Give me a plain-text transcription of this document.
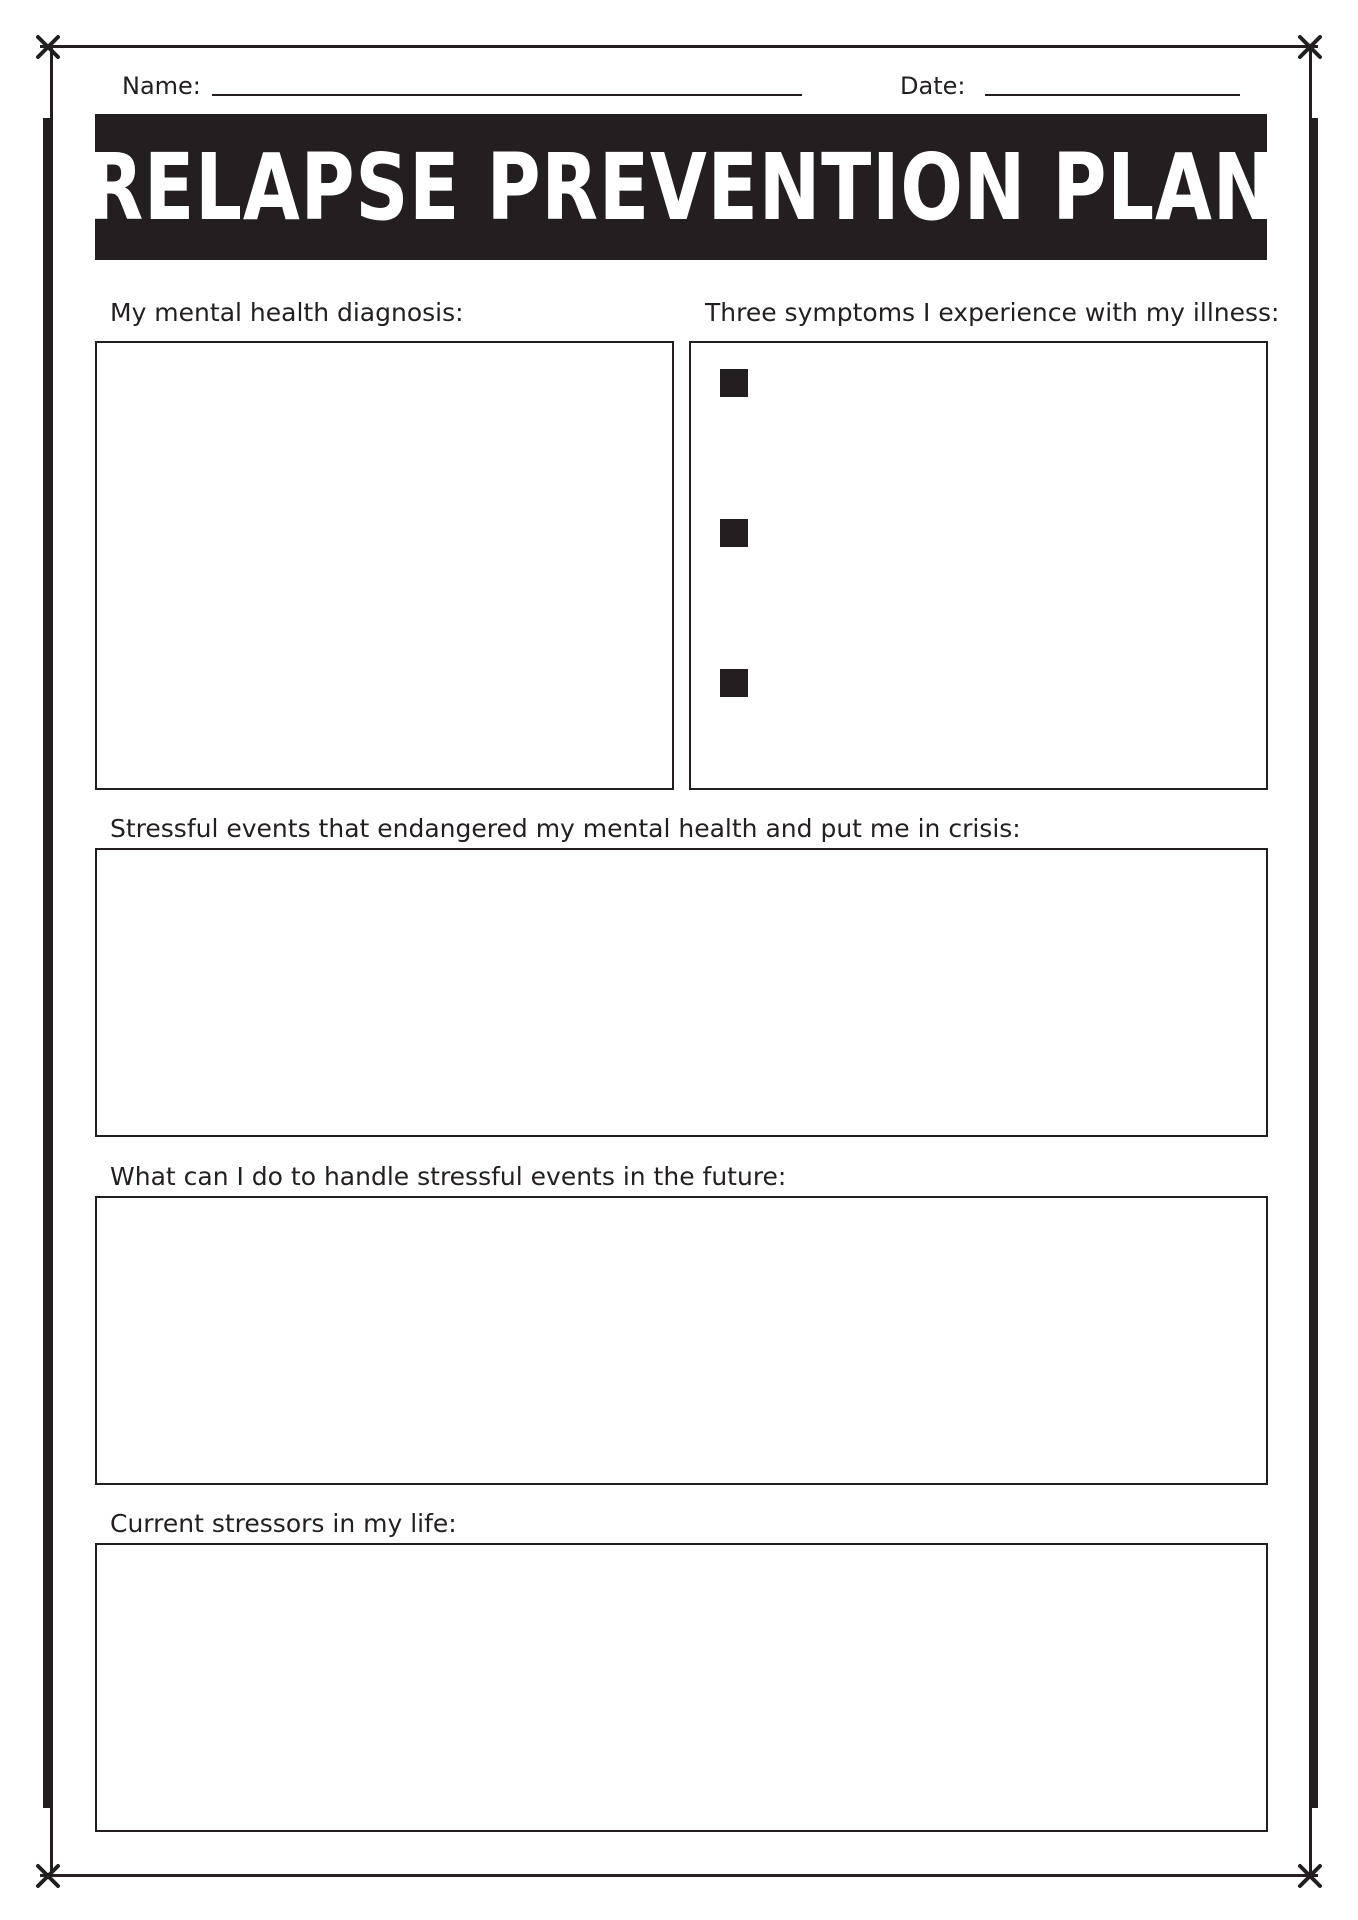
Name:	Date:
RELAPSE PREVENTION PLAN
My mental health diagnosis:	Three symptoms I experience with my illness:
Stressful events that endangered my mental health and put me in crisis:
What can I do to handle stressful events in the future:
Current stressors in my life:
